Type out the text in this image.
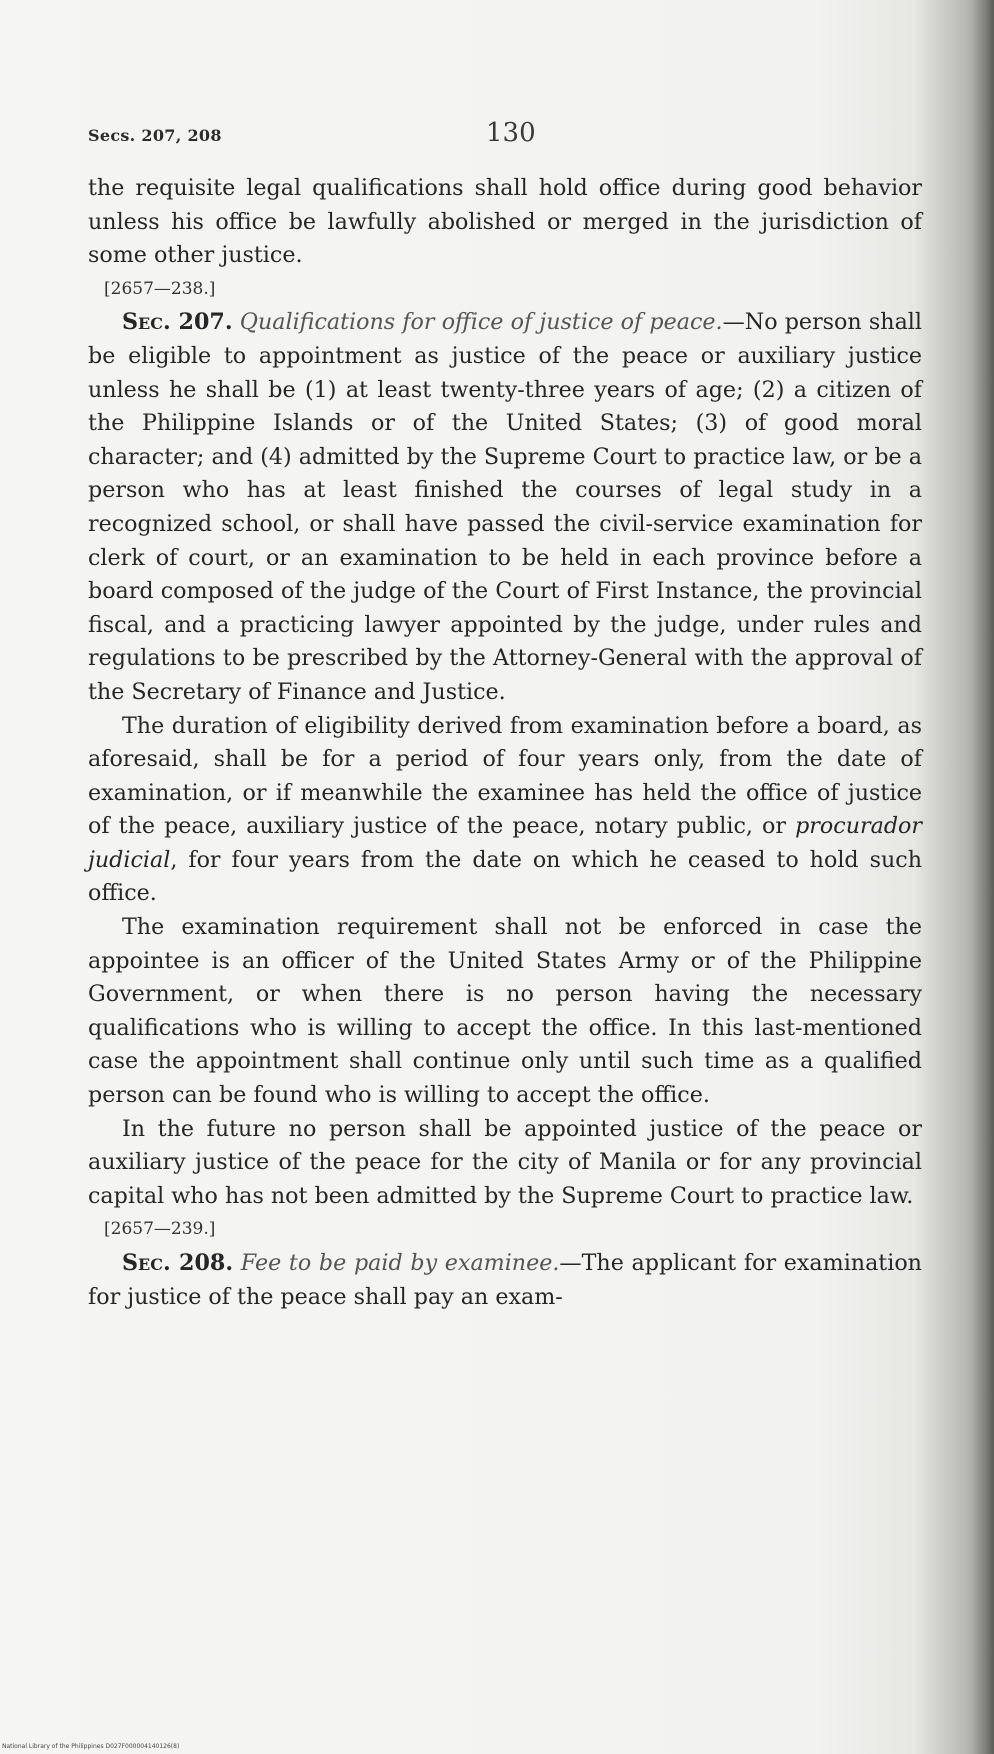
Secs. 207, 208	130

the requisite legal qualifications shall hold office during good behavior unless his office be lawfully abolished or merged in the jurisdiction of some other justice.

[2657—238.]

Sec. 207. Qualifications for office of justice of peace.—No person shall be eligible to appointment as justice of the peace or auxiliary justice unless he shall be (1) at least twenty-three years of age; (2) a citizen of the Philippine Islands or of the United States; (3) of good moral character; and (4) admitted by the Supreme Court to practice law, or be a person who has at least finished the courses of legal study in a recognized school, or shall have passed the civil-service examination for clerk of court, or an examination to be held in each province before a board composed of the judge of the Court of First Instance, the provincial fiscal, and a practicing lawyer appointed by the judge, under rules and regulations to be prescribed by the Attorney-General with the approval of the Secretary of Finance and Justice.

The duration of eligibility derived from examination before a board, as aforesaid, shall be for a period of four years only, from the date of examination, or if meanwhile the examinee has held the office of justice of the peace, auxiliary justice of the peace, notary public, or procurador judicial, for four years from the date on which he ceased to hold such office.

The examination requirement shall not be enforced in case the appointee is an officer of the United States Army or of the Philippine Government, or when there is no person having the necessary qualifications who is willing to accept the office. In this last-mentioned case the appointment shall continue only until such time as a qualified person can be found who is willing to accept the office.

In the future no person shall be appointed justice of the peace or auxiliary justice of the peace for the city of Manila or for any provincial capital who has not been admitted by the Supreme Court to practice law.

[2657—239.]

Sec. 208. Fee to be paid by examinee.—The applicant for examination for justice of the peace shall pay an exam-

National Library of the Philippines D027F000004140126(8)
